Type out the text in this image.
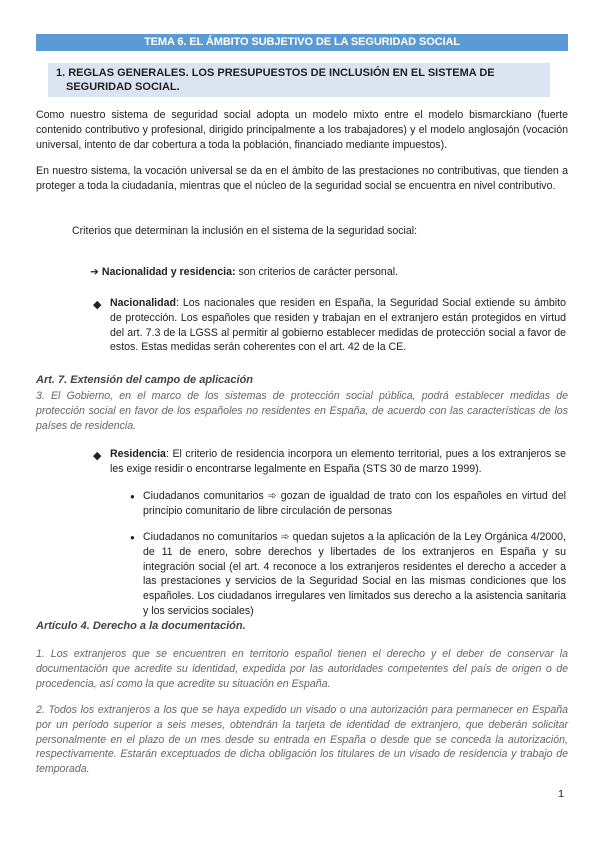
TEMA 6. EL ÁMBITO SUBJETIVO DE LA SEGURIDAD SOCIAL
1. REGLAS GENERALES. LOS PRESUPUESTOS DE INCLUSIÓN EN EL SISTEMA DE
SEGURIDAD SOCIAL.
Como nuestro sistema de seguridad social adopta un modelo mixto entre el modelo bismarckiano (fuerte contenido contributivo y profesional, dirigido principalmente a los trabajadores) y el modelo anglosajón (vocación universal, intento de dar cobertura a toda la población, financiado mediante impuestos).
En nuestro sistema, la vocación universal se da en el ámbito de las prestaciones no contributivas, que tienden a proteger a toda la ciudadanía, mientras que el núcleo de la seguridad social se encuentra en nivel contributivo.
Criterios que determinan la inclusión en el sistema de la seguridad social:
➔ Nacionalidad y residencia: son criterios de carácter personal.
◆ Nacionalidad: Los nacionales que residen en España, la Seguridad Social extiende su ámbito de protección. Los españoles que residen y trabajan en el extranjero están protegidos en virtud del art. 7.3 de la LGSS al permitir al gobierno establecer medidas de protección social a favor de estos. Estas medidas serán coherentes con el art. 42 de la CE.
Art. 7. Extensión del campo de aplicación
3. El Gobierno, en el marco de los sistemas de protección social pública, podrá establecer medidas de protección social en favor de los españoles no residentes en España, de acuerdo con las características de los países de residencia.
◆ Residencia: El criterio de residencia incorpora un elemento territorial, pues a los extranjeros se les exige residir o encontrarse legalmente en España (STS 30 de marzo 1999).
● Ciudadanos comunitarios ➾ gozan de igualdad de trato con los españoles en virtud del principio comunitario de libre circulación de personas
● Ciudadanos no comunitarios ➾ quedan sujetos a la aplicación de la Ley Orgánica 4/2000, de 11 de enero, sobre derechos y libertades de los extranjeros en España y su integración social (el art. 4 reconoce a los extranjeros residentes el derecho a acceder a las prestaciones y servicios de la Seguridad Social en las mismas condiciones que los españoles. Los ciudadanos irregulares ven limitados sus derecho a la asistencia sanitaria y los servicios sociales)
Artículo 4. Derecho a la documentación.
1. Los extranjeros que se encuentren en territorio español tienen el derecho y el deber de conservar la documentación que acredite su identidad, expedida por las autoridades competentes del país de origen o de procedencia, así como la que acredite su situación en España.
2. Todos los extranjeros a los que se haya expedido un visado o una autorización para permanecer en España por un período superior a seis meses, obtendrán la tarjeta de identidad de extranjero, que deberán solicitar personalmente en el plazo de un mes desde su entrada en España o desde que se conceda la autorización, respectivamente. Estarán exceptuados de dicha obligación los titulares de un visado de residencia y trabajo de temporada.
1
